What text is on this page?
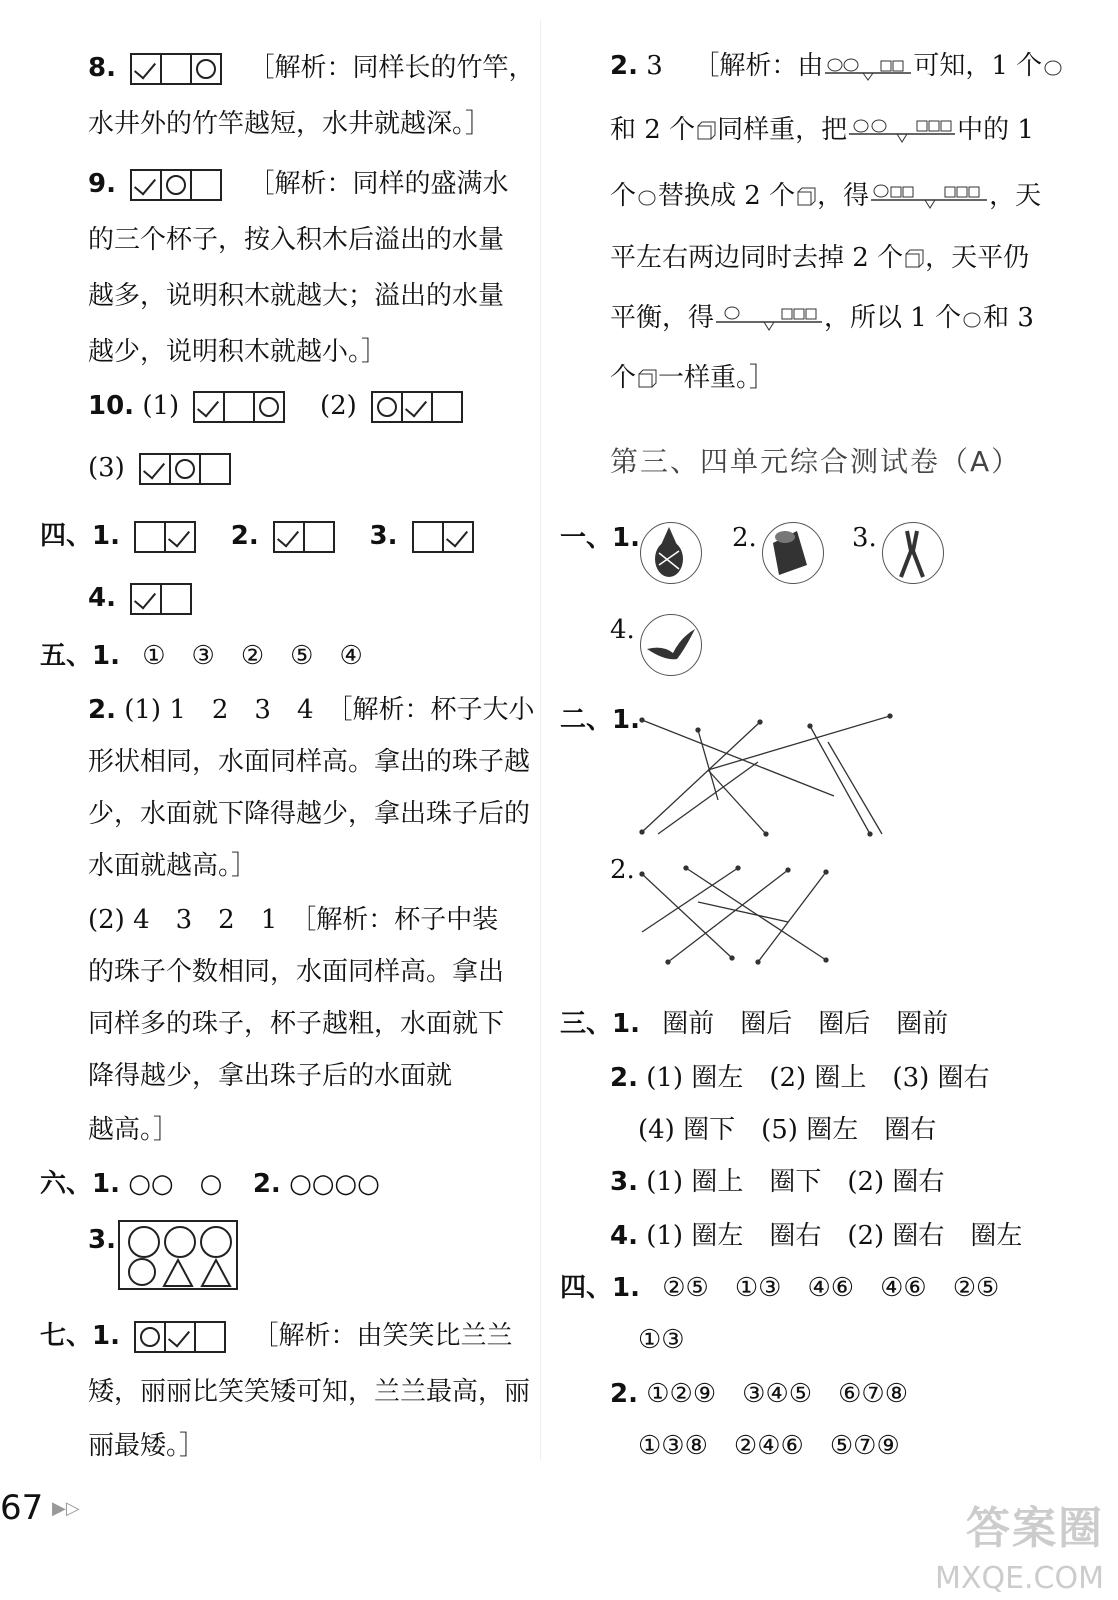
8.	［解析：同样长的竹竿，
水井外的竹竿越短，水井就越深。］
9.	［解析：同样的盛满水
的三个杯子，按入积木后溢出的水量
越多，说明积木就越大；溢出的水量
越少，说明积木就越小。］
10. (1)	(2)
(3)
四、1.	2.	3.
4.
五、1. ①　③　②　⑤　④
2. (1) 1　2　3　4　［解析：杯子大小
形状相同，水面同样高。拿出的珠子越
少，水面就下降得越少，拿出珠子后的
水面就越高。］
(2) 4　3　2　1　［解析：杯子中装
的珠子个数相同，水面同样高。拿出
同样多的珠子，杯子越粗，水面就下
降得越少，拿出珠子后的水面就
越高。］
六、1. ○○　○ 2. ○○○○
3.
七、1.	［解析：由笑笑比兰兰
矮，丽丽比笑笑矮可知，兰兰最高，丽
丽最矮。］
2. 3 ［解析：由	可知，1 个
和 2 个 同样重，把	中的 1
个 替换成 2 个 ，得	，天
平左右两边同时去掉 2 个 ，天平仍
平衡，得	，所以 1 个 和 3
个 一样重。］
第三、四单元综合测试卷（A）
一、1.	2.	3.
4.
二、1.
2.
三、1. 圈前　圈后　圈后　圈前
2. (1) 圈左　(2) 圈上　(3) 圈右
(4) 圈下　(5) 圈左　圈右
3. (1) 圈上　圈下　(2) 圈右
4. (1) 圈左　圈右　(2) 圈右　圈左
四、1. ②⑤　①③　④⑥　④⑥　②⑤
①③
2. ①②⑨　③④⑤　⑥⑦⑧
①③⑧　②④⑥　⑤⑦⑨
67 ▶▷	答案圈
MXQE.COM
